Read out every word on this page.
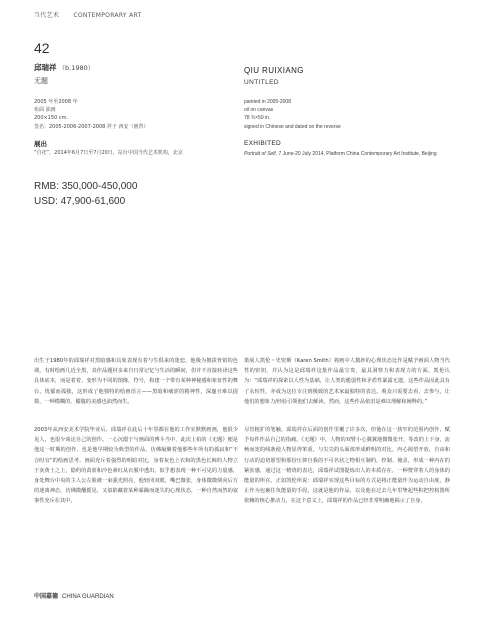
当代艺术 CONTEMPORARY ART
42
邱瑞祥 （b.1980）
无题
QIU RUIXIANG
UNTITLED
2005 年至2008 年
布面 油画
200×150 cm.
签名：2005-2006-2007-2008 祥子 西安（画背）
painted in 2005-2008
oil on canvas
78 ¾×59 in.
signed in Chinese and dated on the reverse
展出
“自祀”，2014年6月7日至7月20日，站台中国当代艺术机构，北京
EXHIBITED
Portrait of Self, 7 June-20 July 2014, Platform China Contemporary Art Institute, Beijing
RMB: 350,000-450,000
USD: 47,900-61,600
出生于1980年的邱瑞祥对黑暗感和具象表现有着与生俱来的迷恋，他极为擅拔骨销的色调，有时绘画几近全黑，其作品题材多来自日常记忆与生活的瞬间，但并不直接转译这些具体底本，而是着着、变形为不同的图像，符号，构建一个带有某种神秘感和象征性的舞台，忧郁而孤独，这形成了他独特的绘画语言——黑暗和痛涩的精神性，深邃且难以捉摸，一种模糊的、朦胧的美感也油然而生。
2003年从西安美术学院毕业后，邱瑞祥在此后十年里都在他的工作室默默画画，他很少见人，也很少谈论自己的创作。一心沉溺于与画面的博斗当中，此次上拍的《无题》便是他这一时期的创作，也是他早期较为典型的作品，仿佛凝聚着他那些年所有的孤寂和“不合时宜”的绘画思考。画面充斥着强烈的明暗对比，身着灰色上衣和的黑色长裤的人物立于灰黄土之上，隐约的苗蓝和冷色素红从衣服中透出，似乎想表现一种不可见的力量感，身处舞台中央的主人公左脸被一束强光照亮，他轻闭双眼，嘴巴微张，身体微微倒向后方的迷离神态，仿佛微醺摇晃，又似陷藏着某种暴躁而迷失的心理状态，一种自然而然的叙事性充斥在其中。
策展人凯伦・史密斯（Karen Smith）将画中人微妙的心理状态比作是赋予画面人物当代性的密钥，并认为这是邱瑞祥这批作品最宝贵、最具洞察力和表现力的方面。凯伦认为：“邱瑞祥的探索以人性为基础，让人类的脆弱性和矛盾性暴露无遗，这些作品因此具有了永恒性，亦成为这位专注到极致的艺术家最独特的表达。观众只需要去看，去参与，让他们的想象力/经验引领他们去解读，然而，这些作品依旧是难以理解和阐释的。”
尽管粗犷的笔触，邱瑞祥在后面的创作里覆了许多次，但他在这一狭窄的范围内创作，赋予每件作品自己的指痛。《无题》中，人物的双臂小心翼翼地微微张开，等改的上下身，流畅而宽的线条使人物显得笨重，与尖尖的头面部形成鲜明的对比，内心渴望开放，自由和行动的迫切愿望和那份压抑自我的不可名状之物相互制约，控制、掩盖，形成一种内在的紧张感，通过这一精烧的表达，邱瑞祥试图提炼出人的本质存在，一种赞穿着人的身体的能量的所在。正如凯伦所说：邱瑞祥实现这些目标的方式是将正能量作为运动自由度，静止作为包裹住负能量的手段，这就是他的作品，以及他在过去几年里挚起些积把控构图所依赖的核心推动力，在这个意义上，邱瑞祥的作品已经非常明确地揭示了自身。
中国嘉德 CHINA GUARDIAN
